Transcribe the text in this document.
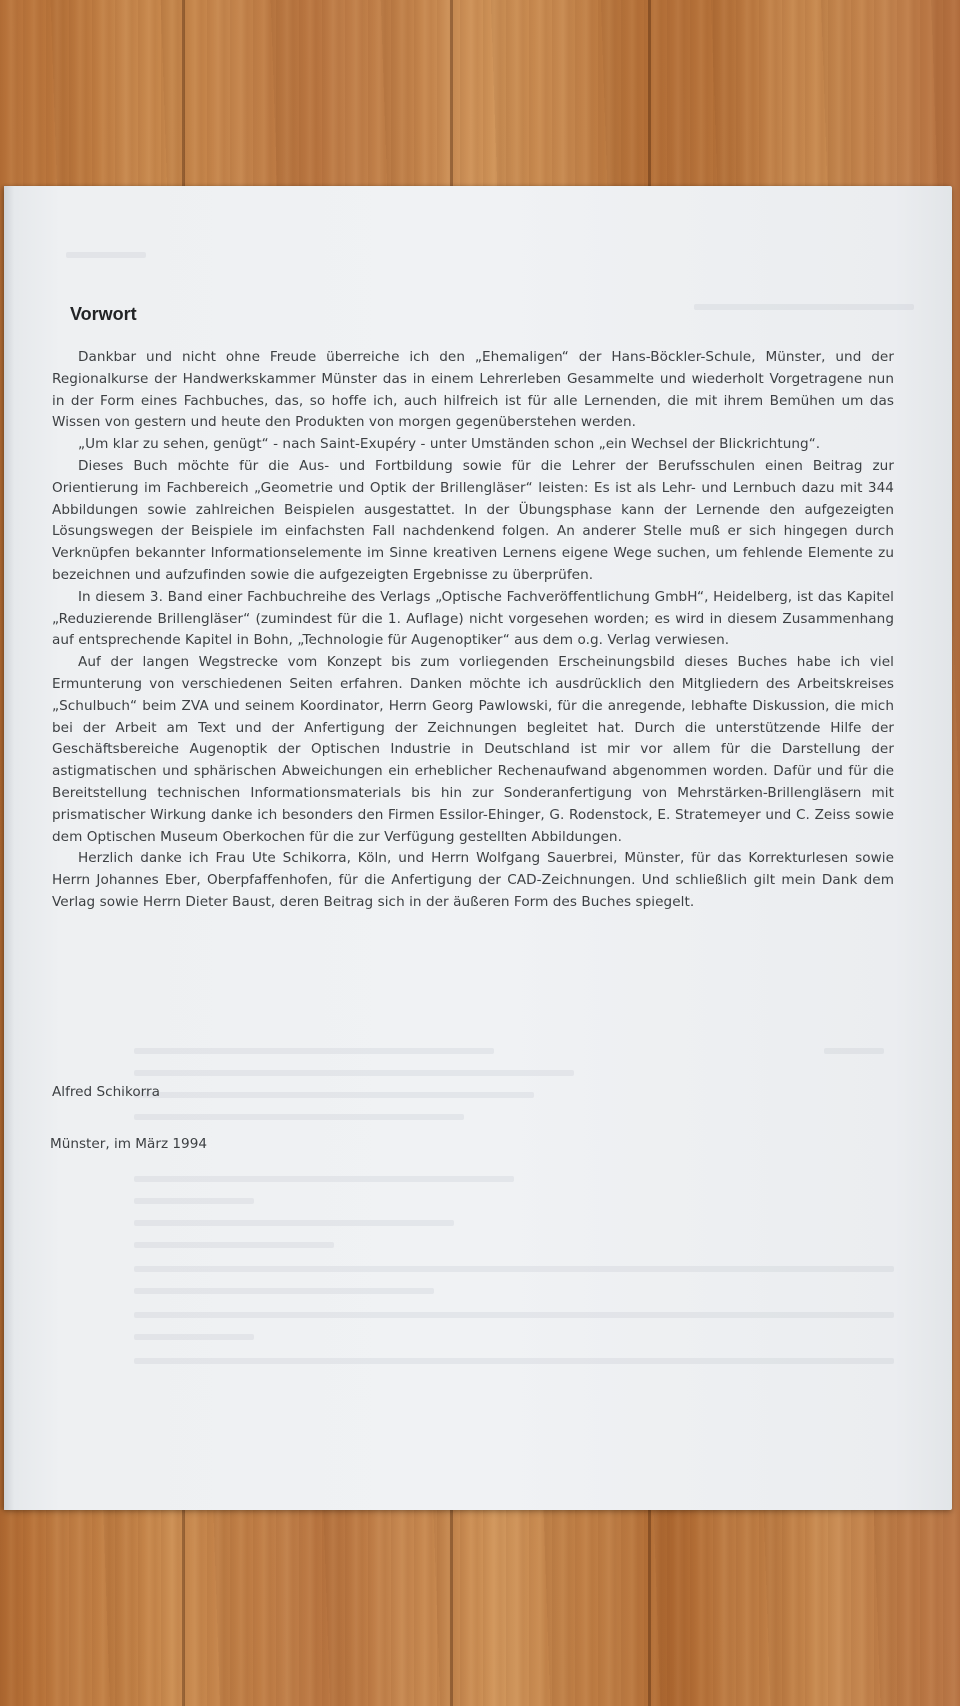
Vorwort

Dankbar und nicht ohne Freude überreiche ich den „Ehemaligen“ der Hans-Böckler-Schule, Münster, und der Regionalkurse der Handwerkskammer Münster das in einem Lehrerleben Gesammelte und wiederholt Vorgetragene nun in der Form eines Fachbuches, das, so hoffe ich, auch hilfreich ist für alle Lernenden, die mit ihrem Bemühen um das Wissen von gestern und heute den Produkten von morgen gegenüberstehen werden.

„Um klar zu sehen, genügt“ - nach Saint-Exupéry - unter Umständen schon „ein Wechsel der Blickrichtung“.

Dieses Buch möchte für die Aus- und Fortbildung sowie für die Lehrer der Berufsschulen einen Beitrag zur Orientierung im Fachbereich „Geometrie und Optik der Brillengläser“ leisten: Es ist als Lehr- und Lernbuch dazu mit 344 Abbildungen sowie zahlreichen Beispielen ausgestattet. In der Übungsphase kann der Lernende den aufgezeigten Lösungswegen der Beispiele im einfachsten Fall nachdenkend folgen. An anderer Stelle muß er sich hingegen durch Verknüpfen bekannter Informationselemente im Sinne kreativen Lernens eigene Wege suchen, um fehlende Elemente zu bezeichnen und aufzufinden sowie die aufgezeigten Ergebnisse zu überprüfen.

In diesem 3. Band einer Fachbuchreihe des Verlags „Optische Fachveröffentlichung GmbH“, Heidelberg, ist das Kapitel „Reduzierende Brillengläser“ (zumindest für die 1. Auflage) nicht vorgesehen worden; es wird in diesem Zusammenhang auf entsprechende Kapitel in Bohn, „Technologie für Augenoptiker“ aus dem o.g. Verlag verwiesen.

Auf der langen Wegstrecke vom Konzept bis zum vorliegenden Erscheinungsbild dieses Buches habe ich viel Ermunterung von verschiedenen Seiten erfahren. Danken möchte ich ausdrücklich den Mitgliedern des Arbeitskreises „Schulbuch“ beim ZVA und seinem Koordinator, Herrn Georg Pawlowski, für die anregende, lebhafte Diskussion, die mich bei der Arbeit am Text und der Anfertigung der Zeichnungen begleitet hat. Durch die unterstützende Hilfe der Geschäftsbereiche Augenoptik der Optischen Industrie in Deutschland ist mir vor allem für die Darstellung der astigmatischen und sphärischen Abweichungen ein erheblicher Rechenaufwand abgenommen worden. Dafür und für die Bereitstellung technischen Informationsmaterials bis hin zur Sonderanfertigung von Mehrstärken-Brillengläsern mit prismatischer Wirkung danke ich besonders den Firmen Essilor-Ehinger, G. Rodenstock, E. Stratemeyer und C. Zeiss sowie dem Optischen Museum Oberkochen für die zur Verfügung gestellten Abbildungen.

Herzlich danke ich Frau Ute Schikorra, Köln, und Herrn Wolfgang Sauerbrei, Münster, für das Korrekturlesen sowie Herrn Johannes Eber, Oberpfaffenhofen, für die Anfertigung der CAD-Zeichnungen. Und schließlich gilt mein Dank dem Verlag sowie Herrn Dieter Baust, deren Beitrag sich in der äußeren Form des Buches spiegelt.

Alfred Schikorra

Münster, im März 1994
